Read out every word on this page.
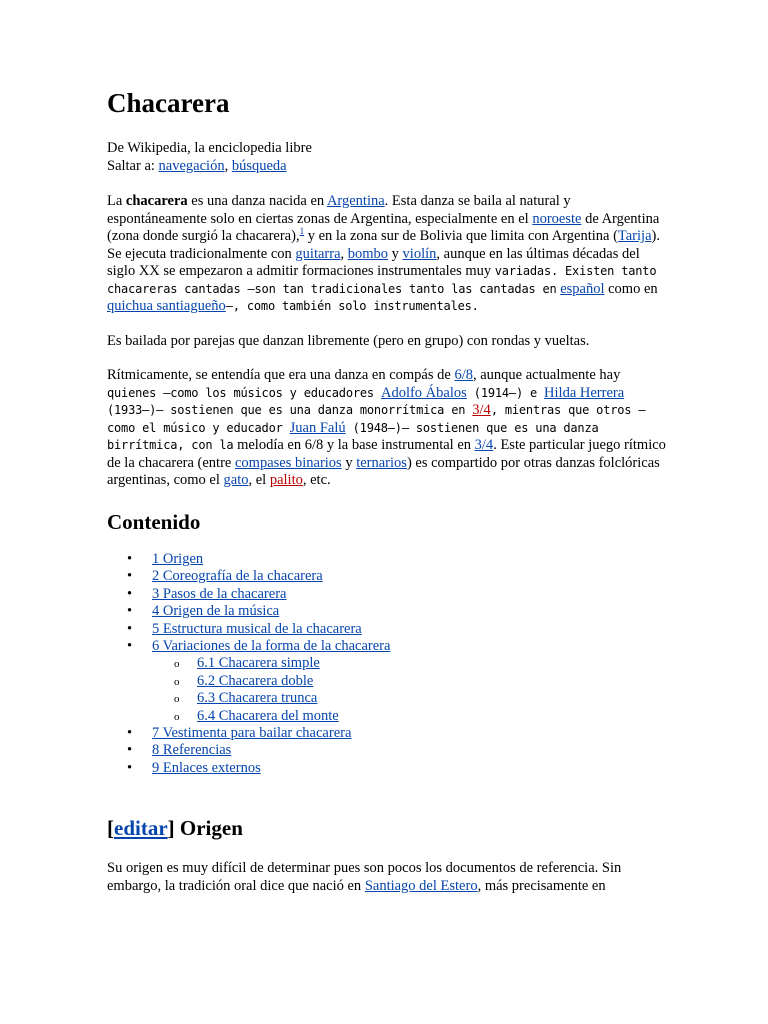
Chacarera
De Wikipedia, la enciclopedia libre
Saltar a: navegación, búsqueda

La chacarera es una danza nacida en Argentina. Esta danza se baila al natural y espontáneamente solo en ciertas zonas de Argentina, especialmente en el noroeste de Argentina (zona donde surgió la chacarera),$^1$ y en la zona sur de Bolivia que limita con Argentina (Tarija). Se ejecuta tradicionalmente con guitarra, bombo y violín, aunque en las últimas décadas del siglo XX se empezaron a admitir formaciones instrumentales muy variadas. Existen tanto chacareras cantadas —son tan tradicionales tanto las cantadas en español como en quichua santiagueño—, como también solo instrumentales.

Es bailada por parejas que danzan libremente (pero en grupo) con rondas y vueltas.

Rítmicamente, se entendía que era una danza en compás de 6/8, aunque actualmente hay quienes —como los músicos y educadores Adolfo Ábalos (1914–) e Hilda Herrera (1933–)— sostienen que es una danza monorrítmica en 3/4, mientras que otros —como el músico y educador Juan Falú (1948–)— sostienen que es una danza birrítmica, con la melodía en 6/8 y la base instrumental en 3/4. Este particular juego rítmico de la chacarera (entre compases binarios y ternarios) es compartido por otras danzas folclóricas argentinas, como el gato, el palito, etc.

Contenido
• 1 Origen
• 2 Coreografía de la chacarera
• 3 Pasos de la chacarera
• 4 Origen de la música
• 5 Estructura musical de la chacarera
• 6 Variaciones de la forma de la chacarera
o 6.1 Chacarera simple
o 6.2 Chacarera doble
o 6.3 Chacarera trunca
o 6.4 Chacarera del monte
• 7 Vestimenta para bailar chacarera
• 8 Referencias
• 9 Enlaces externos
[editar] Origen

Su origen es muy difícil de determinar pues son pocos los documentos de referencia. Sin embargo, la tradición oral dice que nació en Santiago del Estero, más precisamente en
